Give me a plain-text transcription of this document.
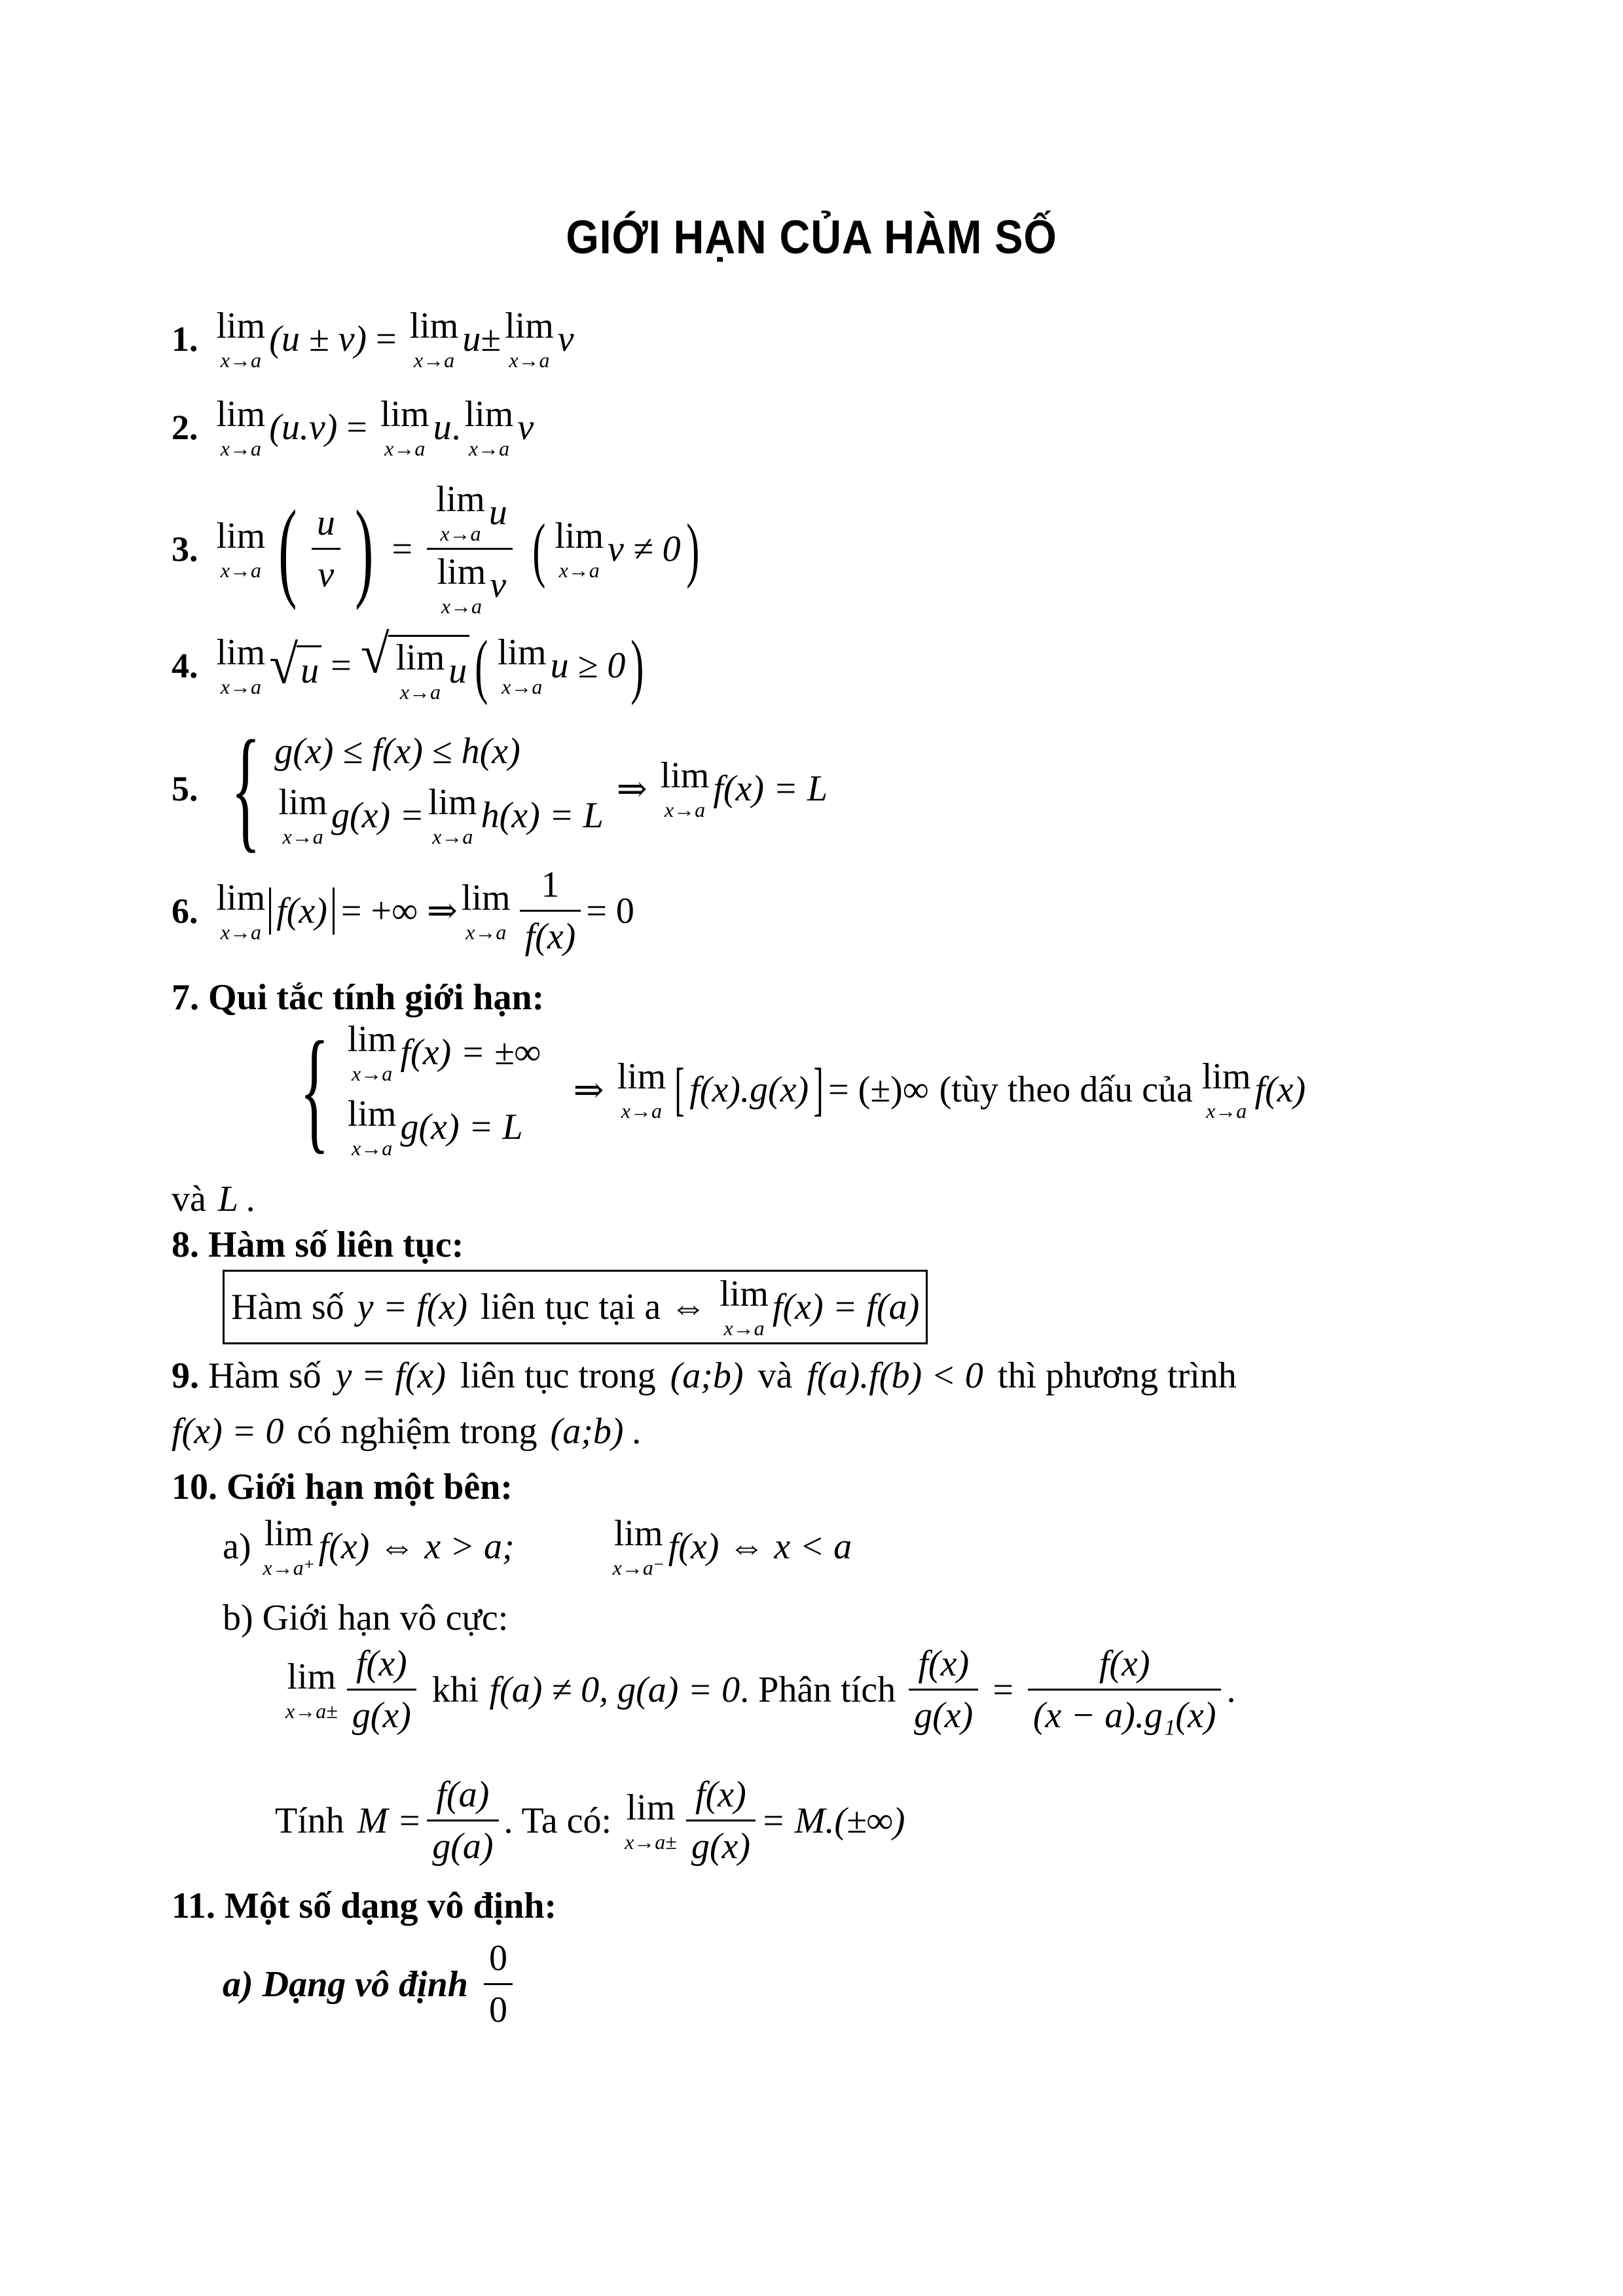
GIỚI HẠN CỦA HÀM SỐ
1. lim
x→a
(u ± v) = lim
x→a
u ± lim
x→a
v
2. lim
x→a
(u.v) = lim
x→a
u . lim
x→a
v
3. lim
x→a ( $\frac{u}{v}$ ) = lim
x→a
u
lim
x→a
v ( lim
x→a
v ≠ 0 )
4. lim
x→a √ u = √ lim
x→a
u ( lim
x→a
u ≥ 0 )
5. { g(x) ≤ f(x) ≤ h(x)
lim
x→a
g(x) = lim
x→a
h(x) = L
⇒ lim
x→a
f(x) = L
6. lim
x→a
f(x) = +∞ ⇒ lim
$x\to a \frac{1}{f(x)} = 0$
7. Qui tắc tính giới hạn:
{ lim
x→a
f(x) = ±∞
lim
x→a
g(x) = L
⇒ lim
x→a [ f(x).g(x) ] = (±)∞ (tùy theo dấu của lim
x→a
f(x)
và L .
8. Hàm số liên tục:
Hàm số y = f(x) liên tục tại a ⇔ lim
x→a
f(x) = f(a)
9. Hàm số y = f(x) liên tục trong (a;b) và f(a).f(b) < 0 thì phương trình
f(x) = 0 có nghiệm trong (a;b) .
10. Giới hạn một bên:
a) lim
x→a⁺
f(x) ⇔ x > a;	lim
x→a⁻
f(x) ⇔ x < a
b) Giới hạn vô cực:
lim
$x\to a\pm \frac{f(x)}{g(x)}$ khi f(a) ≠ 0, g(a) = 0 . Phân tích $\frac{f(x)}{g(x)} = \frac{f(x)}{\text{(x − a).g₁(x)}}$ .
Tính $M = \frac{f(a)}{g(a)}$ . Ta có: lim
$x\to a\pm \frac{f(x)}{g(x)} = M.(\pm\infty)$
11. Một số dạng vô định:
a) Dạng vô định $\frac{0}{0}$
